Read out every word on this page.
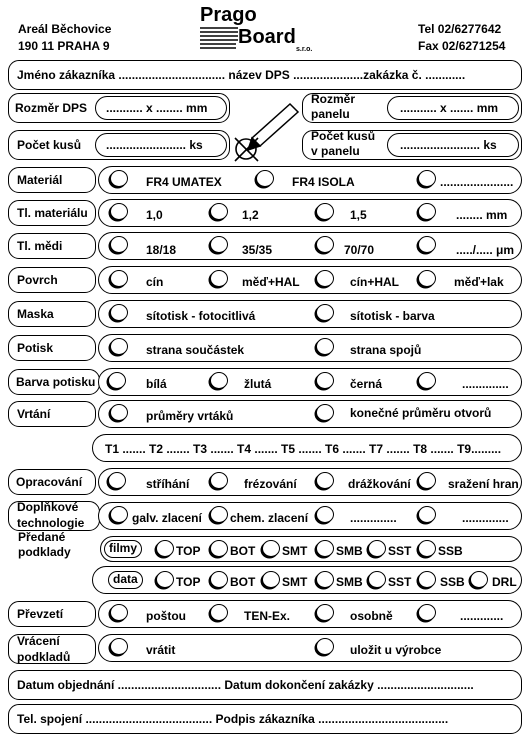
Areál Běchovice
190 11 PRAHA 9
Prago
Board
s.r.o.
Tel 02/6277642
Fax 02/6271254
Jméno zákazníka ................................ název DPS .....................zakázka č. ............
Rozměr DPS ........... x ........ mm
Rozměr
panelu	........... x ....... mm
Počet kusů ........................ ks
Počet kusů
v panelu	........................ ks
Materiál	FR4 UMATEX	FR4 ISOLA	......................
Tl. materiálu	1,0	1,2	1,5	........ mm
Tl. mědi	18/18	35/35	70/70	...../..... μm
Povrch	cín	měď+HAL	cín+HAL	měď+lak
Maska	sítotisk - fotocitlivá	sítotisk - barva
Potisk	strana součástek	strana spojů
Barva potisku	bílá	žlutá	černá	..............
Vrtání	průměry vrtáků	konečné průměru otvorů
T1 ....... T2 ....... T3 ....... T4 ....... T5 ....... T6 ....... T7 ....... T8 ....... T9.........
Opracování	stříhání	frézování	drážkování	sražení hran
Doplňkové
technologie	galv. zlacení chem. zlacení	..............	..............
Předané
podklady	filmy	TOP BOT SMT SMB SST SSB
data	TOP BOT SMT SMB SST SSB DRL
Převzetí	poštou	TEN-Ex.	osobně	.............
Vrácení
podkladů	vrátit	uložit u výrobce
Datum objednání ............................... Datum dokončení zakázky .............................
Tel. spojení ...................................... Podpis zákazníka .......................................
